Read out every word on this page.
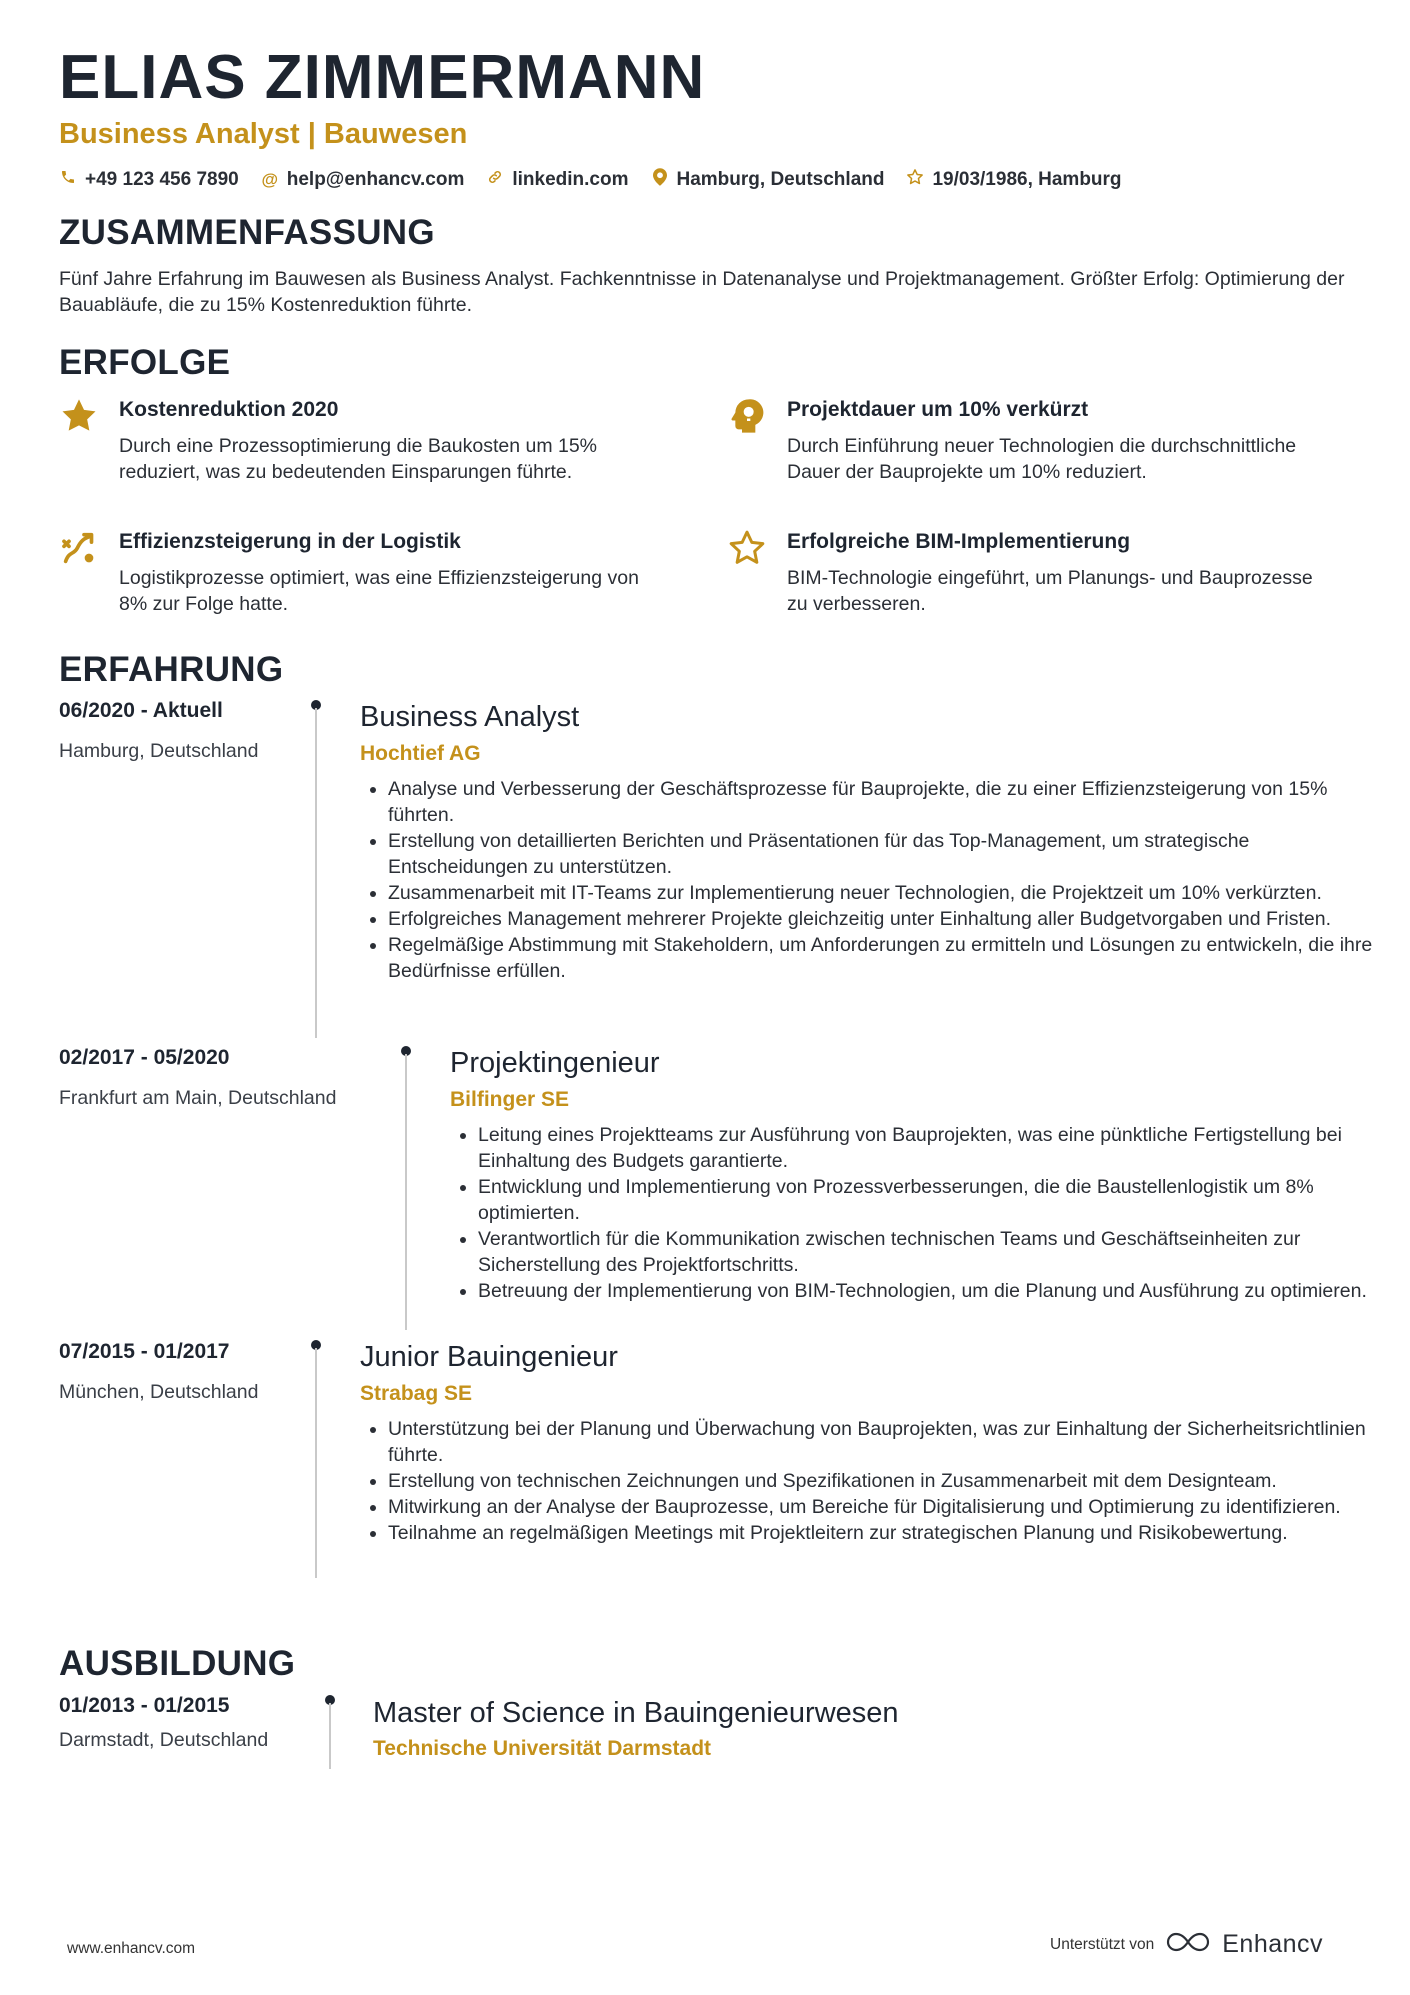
ELIAS ZIMMERMANN
Business Analyst | Bauwesen
+49 123 456 7890 @ help@enhancv.com	linkedin.com	Hamburg, Deutschland	19/03/1986, Hamburg
ZUSAMMENFASSUNG

Fünf Jahre Erfahrung im Bauwesen als Business Analyst. Fachkenntnisse in Datenanalyse und Projektmanagement. Größter Erfolg: Optimierung der Bauabläufe, die zu 15% Kostenreduktion führte.

ERFOLGE
Kostenreduktion 2020

Durch eine Prozessoptimierung die Baukosten um 15% reduziert, was zu bedeutenden Einsparungen führte.

Projektdauer um 10% verkürzt

Durch Einführung neuer Technologien die durchschnittliche Dauer der Bauprojekte um 10% reduziert.

Effizienzsteigerung in der Logistik

Logistikprozesse optimiert, was eine Effizienzsteigerung von 8% zur Folge hatte.

Erfolgreiche BIM-Implementierung

BIM-Technologie eingeführt, um Planungs- und Bauprozesse zu verbesseren.

ERFAHRUNG
06/2020 - Aktuell
Hamburg, Deutschland
Business Analyst
Hochtief AG
• Analyse und Verbesserung der Geschäftsprozesse für Bauprojekte, die zu einer Effizienzsteigerung von 15% führten.
• Erstellung von detaillierten Berichten und Präsentationen für das Top-Management, um strategische Entscheidungen zu unterstützen.
• Zusammenarbeit mit IT-Teams zur Implementierung neuer Technologien, die Projektzeit um 10% verkürzten.
• Erfolgreiches Management mehrerer Projekte gleichzeitig unter Einhaltung aller Budgetvorgaben und Fristen.
• Regelmäßige Abstimmung mit Stakeholdern, um Anforderungen zu ermitteln und Lösungen zu entwickeln, die ihre Bedürfnisse erfüllen.
02/2017 - 05/2020
Frankfurt am Main, Deutschland
Projektingenieur
Bilfinger SE
• Leitung eines Projektteams zur Ausführung von Bauprojekten, was eine pünktliche Fertigstellung bei Einhaltung des Budgets garantierte.
• Entwicklung und Implementierung von Prozessverbesserungen, die die Baustellenlogistik um 8% optimierten.
• Verantwortlich für die Kommunikation zwischen technischen Teams und Geschäftseinheiten zur Sicherstellung des Projektfortschritts.
• Betreuung der Implementierung von BIM-Technologien, um die Planung und Ausführung zu optimieren.
07/2015 - 01/2017
München, Deutschland
Junior Bauingenieur
Strabag SE
• Unterstützung bei der Planung und Überwachung von Bauprojekten, was zur Einhaltung der Sicherheitsrichtlinien führte.
• Erstellung von technischen Zeichnungen und Spezifikationen in Zusammenarbeit mit dem Designteam.
• Mitwirkung an der Analyse der Bauprozesse, um Bereiche für Digitalisierung und Optimierung zu identifizieren.
• Teilnahme an regelmäßigen Meetings mit Projektleitern zur strategischen Planung und Risikobewertung.
AUSBILDUNG
01/2013 - 01/2015
Darmstadt, Deutschland
Master of Science in Bauingenieurwesen
Technische Universität Darmstadt
www.enhancv.com	Unterstützt von	Enhancv
